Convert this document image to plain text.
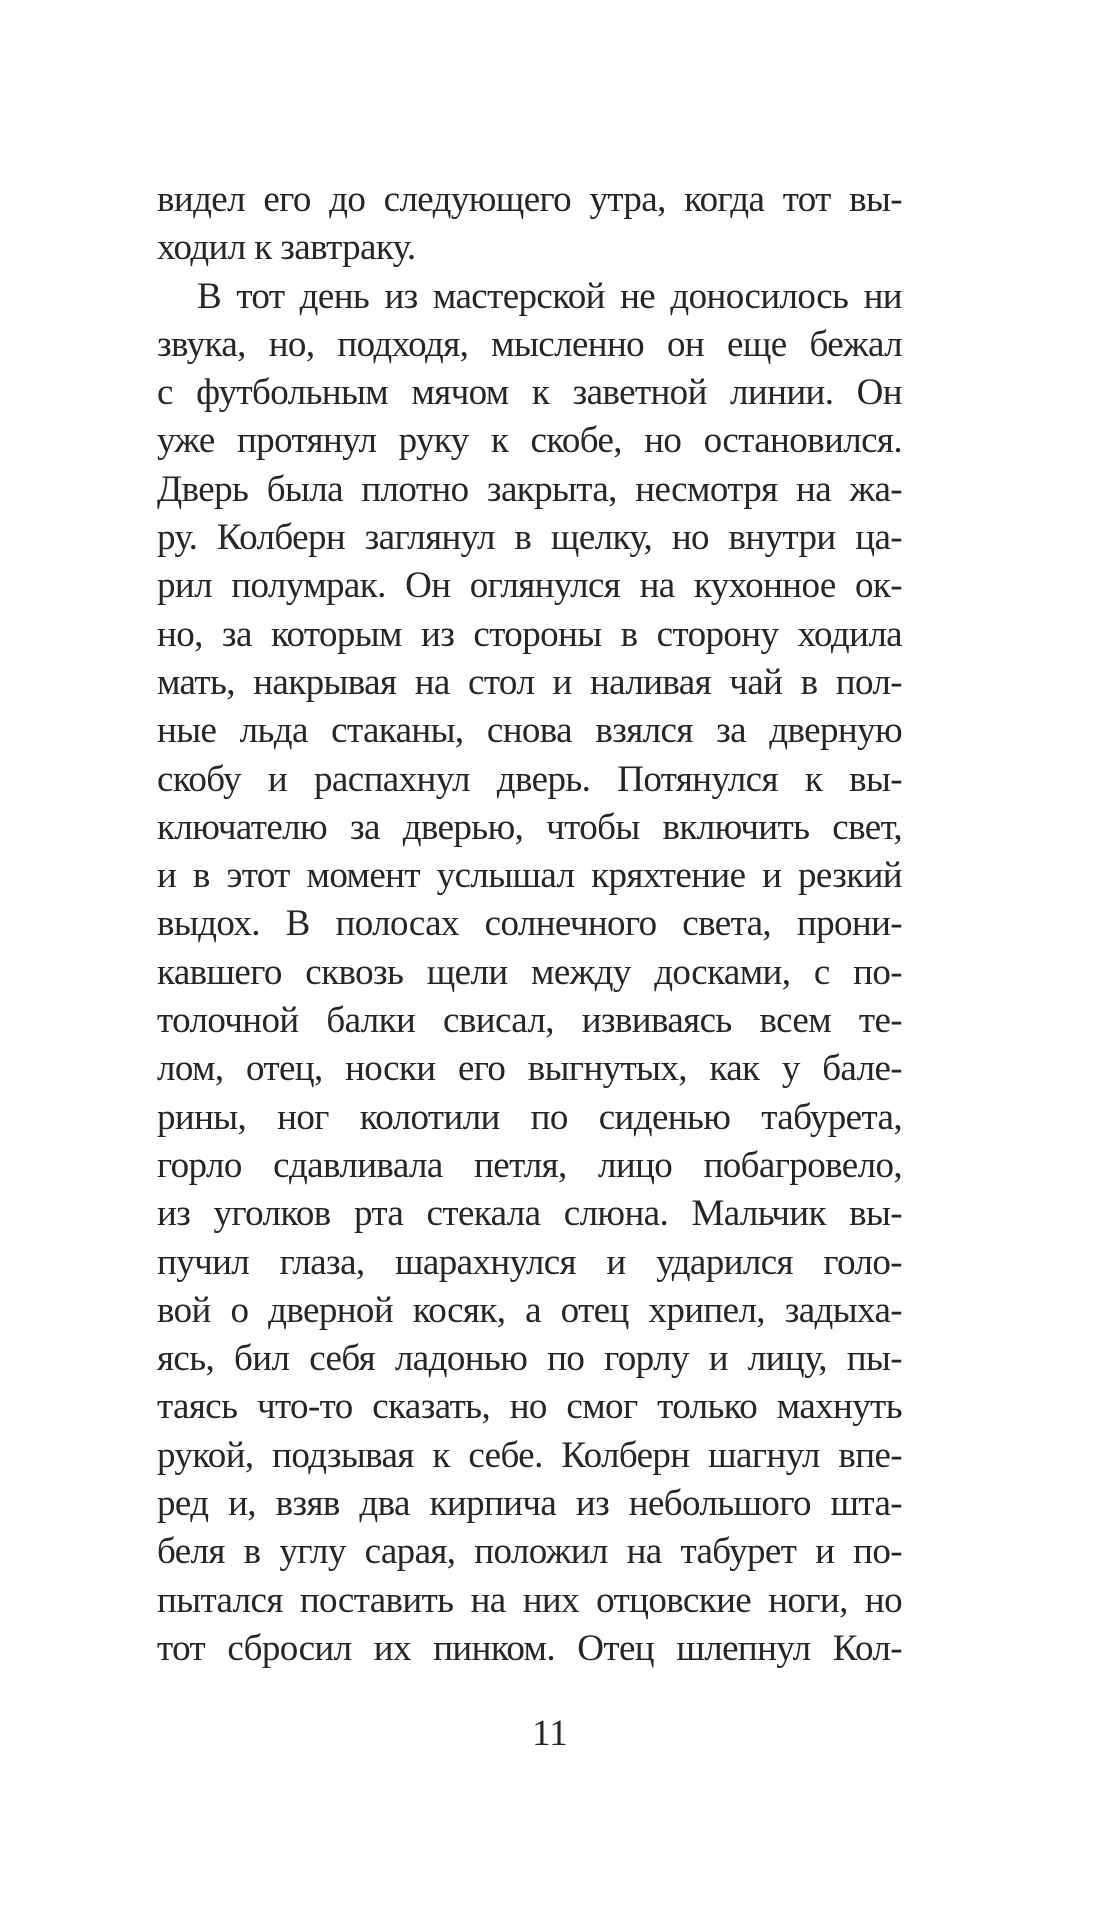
видел его до следующего утра, когда тот вы-
ходил к завтраку.
В тот день из мастерской не доносилось ни
звука, но, подходя, мысленно он еще бежал
с футбольным мячом к заветной линии. Он
уже протянул руку к скобе, но остановился.
Дверь была плотно закрыта, несмотря на жа-
ру. Колберн заглянул в щелку, но внутри ца-
рил полумрак. Он оглянулся на кухонное ок-
но, за которым из стороны в сторону ходила
мать, накрывая на стол и наливая чай в пол-
ные льда стаканы, снова взялся за дверную
скобу и распахнул дверь. Потянулся к вы-
ключателю за дверью, чтобы включить свет,
и в этот момент услышал кряхтение и резкий
выдох. В полосах солнечного света, прони-
кавшего сквозь щели между досками, с по-
толочной балки свисал, извиваясь всем те-
лом, отец, носки его выгнутых, как у бале-
рины, ног колотили по сиденью табурета,
горло сдавливала петля, лицо побагровело,
из уголков рта стекала слюна. Мальчик вы-
пучил глаза, шарахнулся и ударился голо-
вой о дверной косяк, а отец хрипел, задыха-
ясь, бил себя ладонью по горлу и лицу, пы-
таясь что-то сказать, но смог только махнуть
рукой, подзывая к себе. Колберн шагнул впе-
ред и, взяв два кирпича из небольшого шта-
беля в углу сарая, положил на табурет и по-
пытался поставить на них отцовские ноги, но
тот сбросил их пинком. Отец шлепнул Кол-
11
